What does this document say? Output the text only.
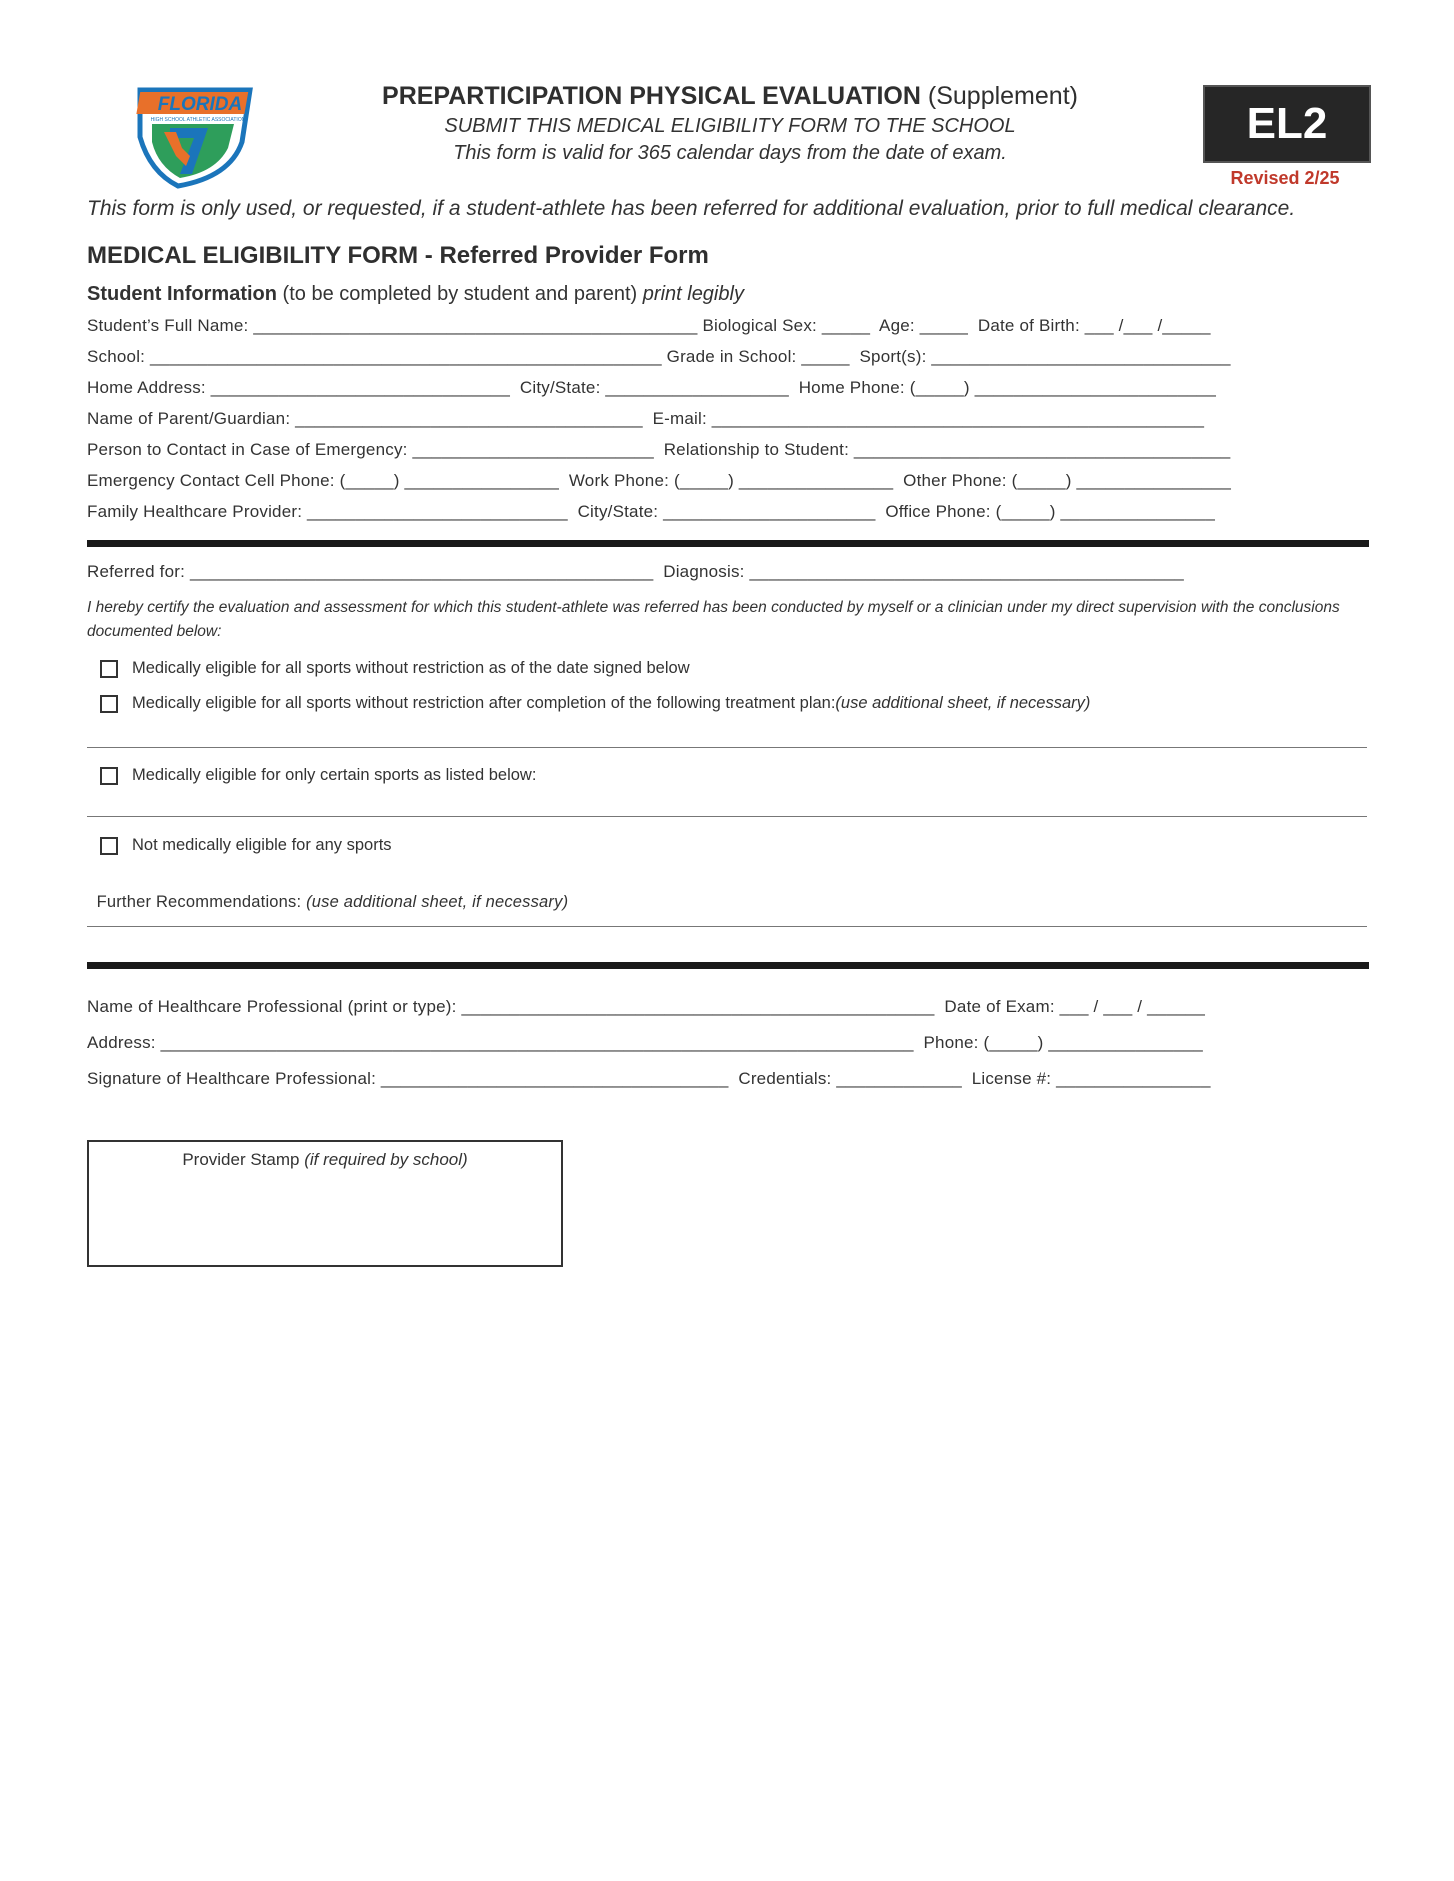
FLORIDA
HIGH SCHOOL ATHLETIC ASSOCIATION
PREPARTICIPATION PHYSICAL EVALUATION (Supplement)
SUBMIT THIS MEDICAL ELIGIBILITY FORM TO THE SCHOOL
This form is valid for 365 calendar days from the date of exam.
EL2
Revised 2/25
This form is only used, or requested, if a student-athlete has been referred for additional evaluation, prior to full medical clearance.
MEDICAL ELIGIBILITY FORM - Referred Provider Form
Student Information (to be completed by student and parent) print legibly
Student’s Full Name: ______________________________________________ Biological Sex: _____  Age: _____  Date of Birth: ___ /___ /_____
School: _____________________________________________________ Grade in School: _____  Sport(s): _______________________________
Home Address: _______________________________  City/State: ___________________  Home Phone: (_____) _________________________
Name of Parent/Guardian: ____________________________________  E-mail: ___________________________________________________
Person to Contact in Case of Emergency: _________________________  Relationship to Student: _______________________________________
Emergency Contact Cell Phone: (_____) ________________  Work Phone: (_____) ________________  Other Phone: (_____) ________________
Family Healthcare Provider: ___________________________  City/State: ______________________  Office Phone: (_____) ________________
Referred for: ________________________________________________  Diagnosis: _____________________________________________
I hereby certify the evaluation and assessment for which this student-athlete was referred has been conducted by myself or a clinician under my direct supervision with the conclusions documented below:
Medically eligible for all sports without restriction as of the date signed below
Medically eligible for all sports without restriction after completion of the following treatment plan: (use additional sheet, if necessary)
Medically eligible for only certain sports as listed below:
Not medically eligible for any sports

Further Recommendations: (use additional sheet, if necessary)

Name of Healthcare Professional (print or type): _________________________________________________  Date of Exam: ___ / ___ / ______
Address: ______________________________________________________________________________  Phone: (_____) ________________
Signature of Healthcare Professional: ____________________________________  Credentials: _____________  License #: ________________
Provider Stamp (if required by school)
